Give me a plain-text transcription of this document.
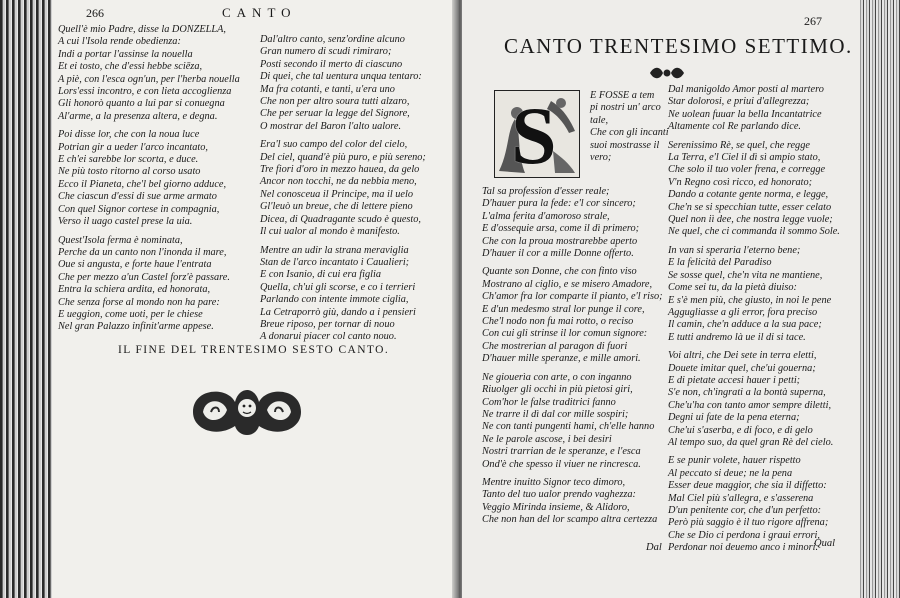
266	CANTO
Quell'è mio Padre, disse la DONZELLA,
A cui l'Isola rende obedienza:
Indi a portar l'assinse la nouella
Et ei tosto, che d'essi hebbe sciēza,
A piè, con l'esca ogn'un, per l'herba nouella
Lors'essi incontro, e con lieta accoglienza
Gli honorò quanto a lui par si conuegna
Al'arme, a la presenza altera, e degna.
Poi disse lor, che con la noua luce
Potrian gir a ueder l'arco incantato,
E ch'ei sarebbe lor scorta, e duce.
Ne più tosto ritorno al corso usato
Ecco il Pianeta, che'l bel giorno adduce,
Che ciascun d'essi di sue arme armato
Con quel Signor cortese in compagnia,
Verso il uago castel prese la uia.
Quest'Isola ferma è nominata,
Perche da un canto non l'inonda il mare,
Oue si angusta, e forte haue l'entrata
Che per mezzo a'un Castel forz'è passare.
Entra la schiera ardita, ed honorata,
Che senza forse al mondo non ha pare:
E ueggion, come uoti, per le chiese
Nel gran Palazzo infinit'arme appese.
Dal'altro canto, senz'ordine alcuno
Gran numero di scudi rimiraro;
Posti secondo il merto di ciascuno
Di quei, che tal uentura unqua tentaro:
Ma fra cotanti, e tanti, u'era uno
Che non per altro sourа tutti alzaro,
Che per seruar la legge del Signore,
O mostrar del Baron l'alto ualore.
Era'l suo campo del color del cielo,
Del ciel, quand'è più puro, e più sereno;
Tre fiori d'oro in mezzo haueа, da gelo
Ancor non tocchi, ne da nebbia meno,
Nel conosceua il Principe, ma il uelo
Gl'leuò un breue, che di lettere pieno
Dicea, di Quadragante scudo è questo,
Il cui ualor al mondo è manifesto.
Mentre an udir la strana meraviglia
Stan de l'arco incantato i Caualieri;
E con Isanio, di cui era figlia
Quella, ch'ui gli scorse, e co i terrieri
Parlando con intente immote ciglia,
La Cetraporrò giù, dando a i pensieri
Breue riposo, per tornar di nouo
A donarui piacer col canto nouo.
IL FINE DEL TRENTESIMO SESTO CANTO.
267
CANTO TRENTESIMO SETTIMO.
S	E FOSSE a tem
pi nostri un' arco
tale,
Che con gli incanti
suoi mostrasse il
vero;
Tal sa professïon d'esser reale;
D'hauer pura la fede: e'l cor sincero;
L'almа ferita d'amoroso strale,
E d'ossequie arsa, come il dì primero;
Che con la proua mostrarebbe aperto
D'hauer il cor a mille Donne offerto.
Quante son Donne, che con finto viso
Mostrano al ciglio, e se misero Amadore,
Ch'amor fra lor comparte il pianto, e'l riso;
E d'un medesmo stral lor punge il core,
Che'l nodo non fu mai rotto, o reciso
Con cui gli strinse il lor comun signore:
Che mostrerian al paragon di fuori
D'hauer mille speranze, e mille amori.
Ne giouerìa con arte, o con inganno
Riuolger gli occhi in più pietosi giri,
Com'hor le false traditrici fanno
Ne trarre il dì dal cor mille sospiri;
Ne con tanti pungenti hami, ch'elle hanno
Ne le parole ascose, i bei desiri
Nostri trarrian de le speranze, e l'esca
Ond'è che spesso il viuer ne rincresca.
Mentre inuitto Signor teco dimoro,
Tanto del tuo ualor prendo vaghezza:
Veggio Mirinda insieme, & Alidoro,
Che non han del lor scampo altra certezza
Dal manigoldo Amor posti al martero
Star dolorosi, e priui d'allegrezza;
Ne uolean fuuar la bella Incantatrice
Altamente col Re parlando dice.
Serenissimo Rè, se quel, che regge
La Terra, e'l Ciel il dì sì ampio stato,
Che solo il tuo voler frena, e corregge
V'n Regno così ricco, ed honorato;
Dando a cotante gente norma, e legge,
Che'n se si specchian tutte, esser celato
Quel non iì dee, che nostra legge vuole;
Ne quel, che ci commanda il sommo Sole.
In van si speraria l'eterno bene;
E la felicità del Paradiso
Se sosse quel, che'n vita ne mantiene,
Come sei tu, da la pietà diuiso:
E s'è men più, che giusto, in noi le pene
Aggugliasse a gli error, fora preciso
Il camin, che'n adduce a la sua pace;
E tutti andremo là ue il di si tace.
Voi altri, che Dei sete in terra eletti,
Douete imitar quel, che'ui gouerna;
E di pietate accesi hauer i petti;
S'e non, ch'ingrati a la bontà superna,
Che'u'ha con tanto amor sempre diletti,
Degni ui fate de la pena eterna;
Che'ui s'aserba, e di foco, e di gelo
Al tempo suo, da quel gran Rè del cielo.
E se punir volete, hauer rispetto
Al peccato si deue; ne la pena
Esser deue maggior, che sia il diffetto:
Mal Ciel più s'allegra, e s'asserena
D'un penitente cor, che d'un perfetto:
Però più saggio è il tuo rigore affrena;
Che se Dio ci perdona i graui errori,
Perdonar noi deuemo anco i minori.
Dal	Qual
